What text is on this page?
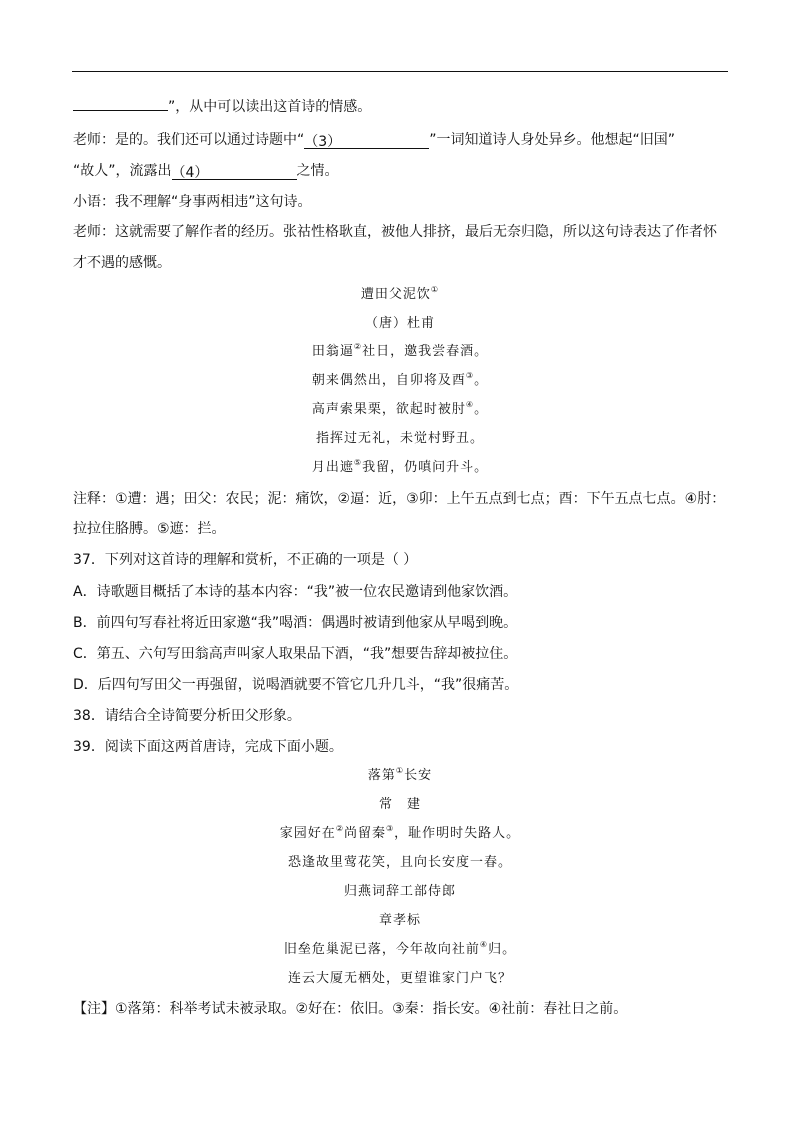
”，从中可以读出这首诗的情感。
老师：是的。我们还可以通过诗题中“（3）	”一词知道诗人身处异乡。他想起“旧国”
“故人”，流露出（4）	之情。
小语：我不理解“身事两相违”这句诗。
老师：这就需要了解作者的经历。张祜性格耿直，被他人排挤，最后无奈归隐，所以这句诗表达了作者怀
才不遇的感慨。
遭田父泥饮①
（唐）杜甫
田翁逼②社日，邀我尝春酒。
朝来偶然出，自卯将及酉③。
高声索果栗，欲起时被肘④。
指挥过无礼，未觉村野丑。
月出遮⑤我留，仍嗔问升斗。
注释：①遭：遇；田父：农民；泥：痛饮，②逼：近，③卯：上午五点到七点；酉：下午五点七点。④肘：
拉拉住胳膊。⑤遮：拦。
37．下列对这首诗的理解和赏析，不正确的一项是（ ）
A．诗歌题目概括了本诗的基本内容：“我”被一位农民邀请到他家饮酒。
B．前四句写春社将近田家邀“我”喝酒：偶遇时被请到他家从早喝到晚。
C．第五、六句写田翁高声叫家人取果品下酒，“我”想要告辞却被拉住。
D．后四句写田父一再强留，说喝酒就要不管它几升几斗，“我”很痛苦。
38．请结合全诗简要分析田父形象。
39．阅读下面这两首唐诗，完成下面小题。
落第①长安
常　建
家园好在②尚留秦③，耻作明时失路人。
恐逢故里莺花笑，且向长安度一春。
归燕词辞工部侍郎
章孝标
旧垒危巢泥已落，今年故向社前④归。
连云大厦无栖处，更望谁家门户飞？
【注】①落第：科举考试未被录取。②好在：依旧。③秦：指长安。④社前：春社日之前。
